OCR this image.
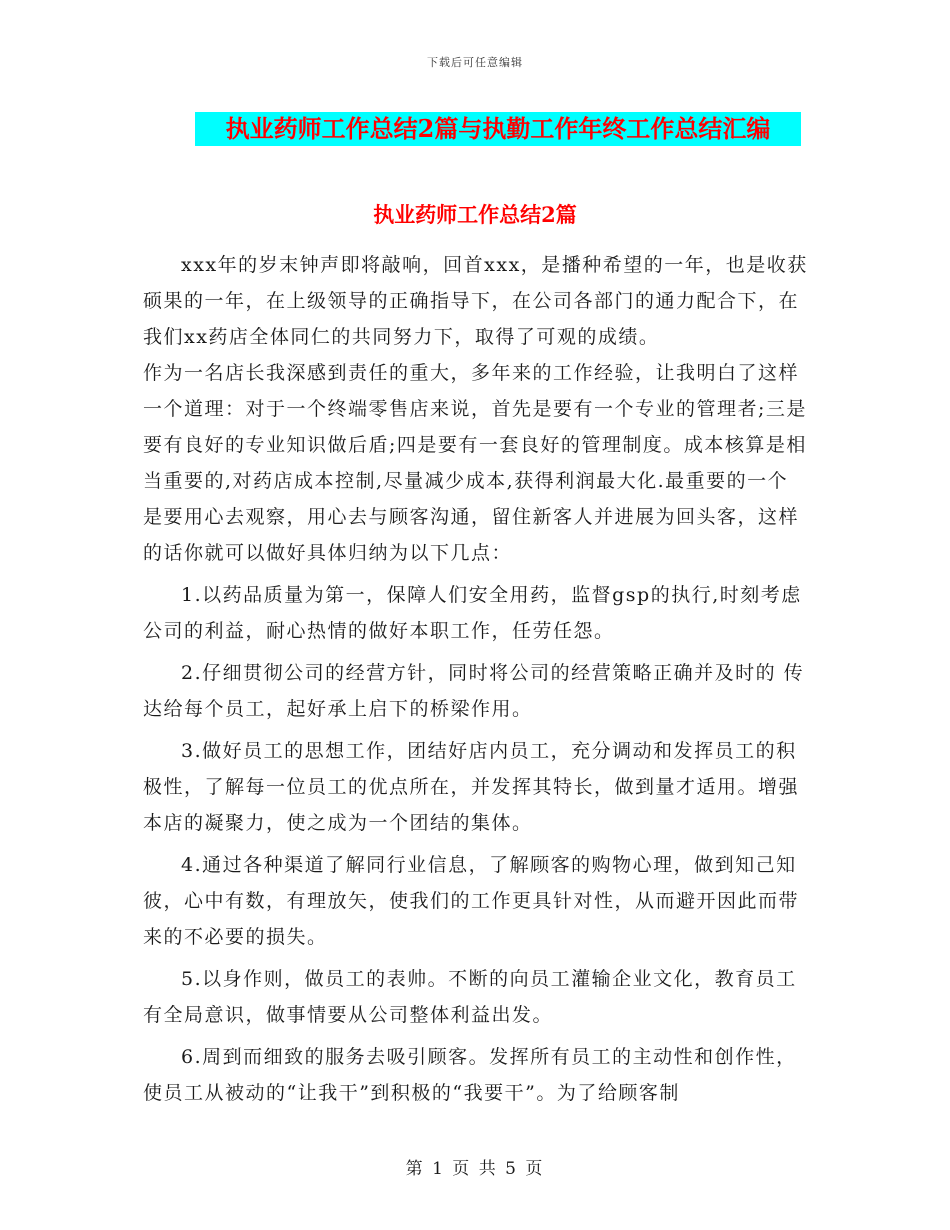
下载后可任意编辑
执业药师工作总结2篇与执勤工作年终工作总结汇编
执业药师工作总结2篇

xxx年的岁末钟声即将敲响，回首xxx，是播种希望的一年，也是收获硕果的一年，在上级领导的正确指导下，在公司各部门的通力配合下，在我们xx药店全体同仁的共同努力下，取得了可观的成绩。

作为一名店长我深感到责任的重大，多年来的工作经验，让我明白了这样一个道理：对于一个终端零售店来说，首先是要有一个专业的管理者;三是要有良好的专业知识做后盾;四是要有一套良好的管理制度。成本核算是相当重要的,对药店成本控制,尽量减少成本,获得利润最大化.最重要的一个是要用心去观察，用心去与顾客沟通，留住新客人并进展为回头客，这样的话你就可以做好具体归纳为以下几点：

1.以药品质量为第一，保障人们安全用药，监督gsp的执行,时刻考虑公司的利益，耐心热情的做好本职工作，任劳任怨。

2.仔细贯彻公司的经营方针，同时将公司的经营策略正确并及时的 传达给每个员工，起好承上启下的桥梁作用。

3.做好员工的思想工作，团结好店内员工，充分调动和发挥员工的积极性，了解每一位员工的优点所在，并发挥其特长，做到量才适用。增强本店的凝聚力，使之成为一个团结的集体。

4.通过各种渠道了解同行业信息，了解顾客的购物心理，做到知己知彼，心中有数，有理放矢，使我们的工作更具针对性，从而避开因此而带来的不必要的损失。

5.以身作则，做员工的表帅。不断的向员工灌输企业文化，教育员工有全局意识，做事情要从公司整体利益出发。

6.周到而细致的服务去吸引顾客。发挥所有员工的主动性和创作性，使员工从被动的“让我干”到积极的“我要干”。为了给顾客制

第 1 页 共 5 页
